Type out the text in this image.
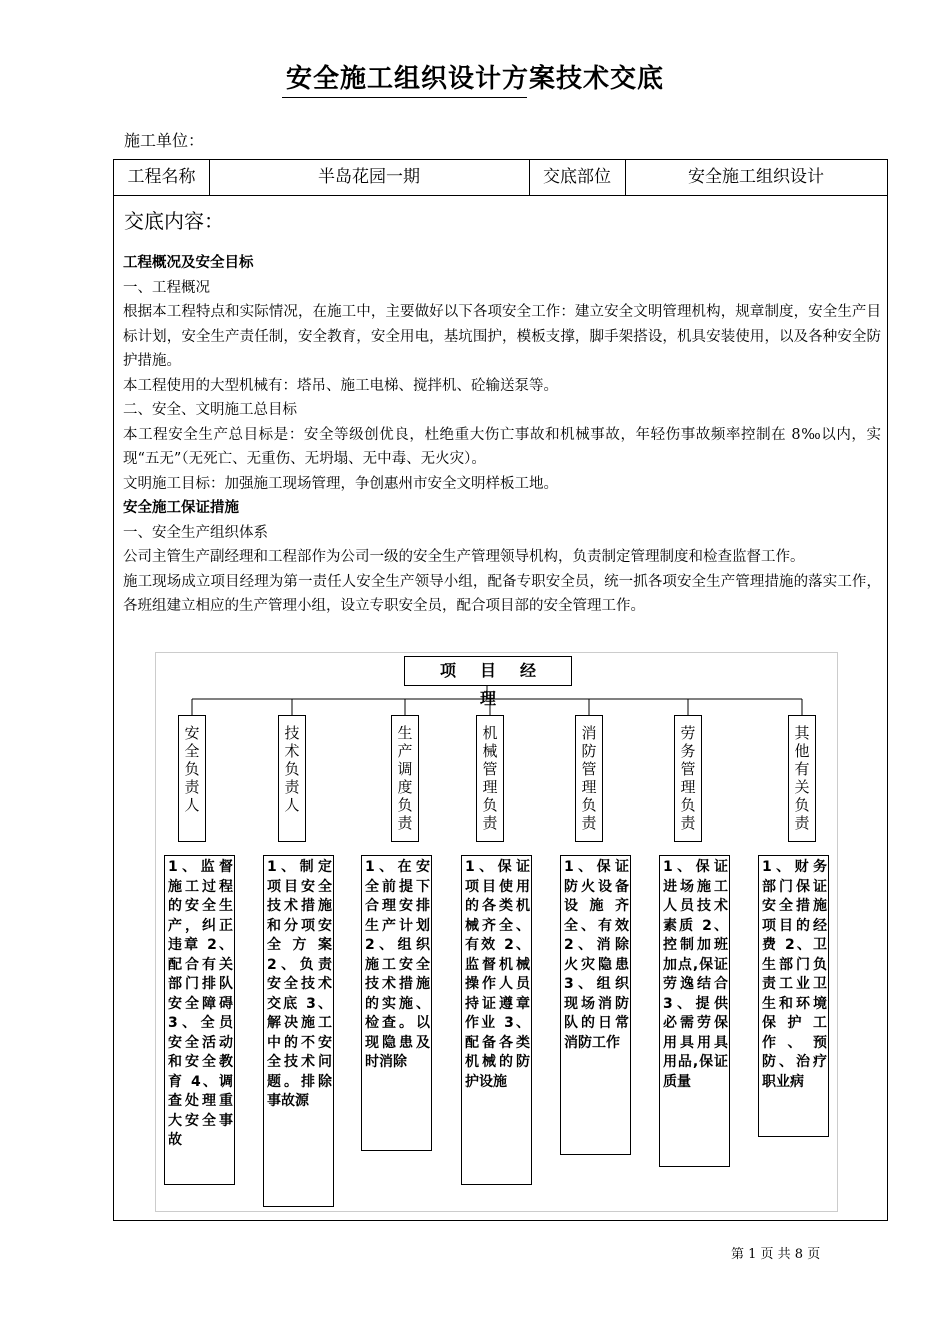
安全施工组织设计方案技术交底
施工单位：
工程名称	半岛花园一期	交底部位	安全施工组织设计
交底内容：

工程概况及安全目标

一、工程概况

根据本工程特点和实际情况，在施工中，主要做好以下各项安全工作：建立安全文明管理机构，规章制度，安全生产目标计划，安全生产责任制，安全教育，安全用电，基坑围护，模板支撑，脚手架搭设，机具安装使用，以及各种安全防护措施。

本工程使用的大型机械有：塔吊、施工电梯、搅拌机、砼输送泵等。

二、安全、文明施工总目标

本工程安全生产总目标是：安全等级创优良，杜绝重大伤亡事故和机械事故，年轻伤事故频率控制在 8‰以内，实现“五无”（无死亡、无重伤、无坍塌、无中毒、无火灾）。

文明施工目标：加强施工现场管理，争创惠州市安全文明样板工地。

安全施工保证措施

一、安全生产组织体系

公司主管生产副经理和工程部作为公司一级的安全生产管理领导机构，负责制定管理制度和检查监督工作。

施工现场成立项目经理为第一责任人安全生产领导小组，配备专职安全员，统一抓各项安全生产管理措施的落实工作，各班组建立相应的生产管理小组，设立专职安全员，配合项目部的安全管理工作。

项目经理
安
全
负
责
人
1、监督施工过程的安全生产，纠正违章 2、配合有关部门排队安全障碍 3、全员安全活动和安全教育 4、调查处理重大安全事故
技
术
负
责
人
1、制定项目安全技术措施和分项安全方案 2、负责安全技术交底 3、解决施工中的不安全技术问题。排除事故源
生
产
调
度
负
责
1、在安全前提下合理安排生产计划 2、组织施工安全技术措施的实施、检查。以现隐患及时消除
机
械
管
理
负
责
1、保证项目使用的各类机械齐全、有效 2、监督机械操作人员持证遵章作业 3、配备各类机械的防护设施
消
防
管
理
负
责
1、保证防火设备设施齐全、有效 2、消除火灾隐患 3、组织现场消防队的日常消防工作
劳
务
管
理
负
责
1、保证进场施工人员技术素质 2、控制加班加点,保证劳逸结合 3、提供必需劳保用具用具用品,保证质量
其
他
有
关
负
责
1、财务部门保证安全措施项目的经费 2、卫生部门负责工业卫生和环境保护工作、预防、治疗职业病
第 1 页 共 8 页
